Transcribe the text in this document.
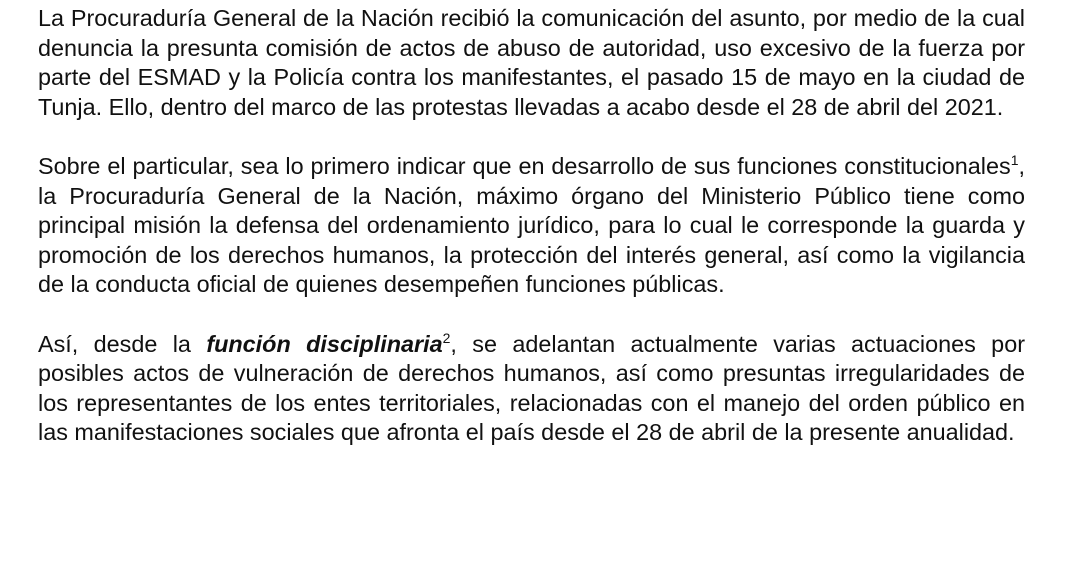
La Procuraduría General de la Nación recibió la comunicación del asunto, por medio de la cual denuncia la presunta comisión de actos de abuso de autoridad, uso excesivo de la fuerza por parte del ESMAD y la Policía contra los manifestantes, el pasado 15 de mayo en la ciudad de Tunja. Ello, dentro del marco de las protestas llevadas a acabo desde el 28 de abril del 2021.

Sobre el particular, sea lo primero indicar que en desarrollo de sus funciones constitucionales$^1$, la Procuraduría General de la Nación, máximo órgano del Ministerio Público tiene como principal misión la defensa del ordenamiento jurídico, para lo cual le corresponde la guarda y promoción de los derechos humanos, la protección del interés general, así como la vigilancia de la conducta oficial de quienes desempeñen funciones públicas.

Así, desde la función disciplinaria$^2$, se adelantan actualmente varias actuaciones por posibles actos de vulneración de derechos humanos, así como presuntas irregularidades de los representantes de los entes territoriales, relacionadas con el manejo del orden público en las manifestaciones sociales que afronta el país desde el 28 de abril de la presente anualidad.
